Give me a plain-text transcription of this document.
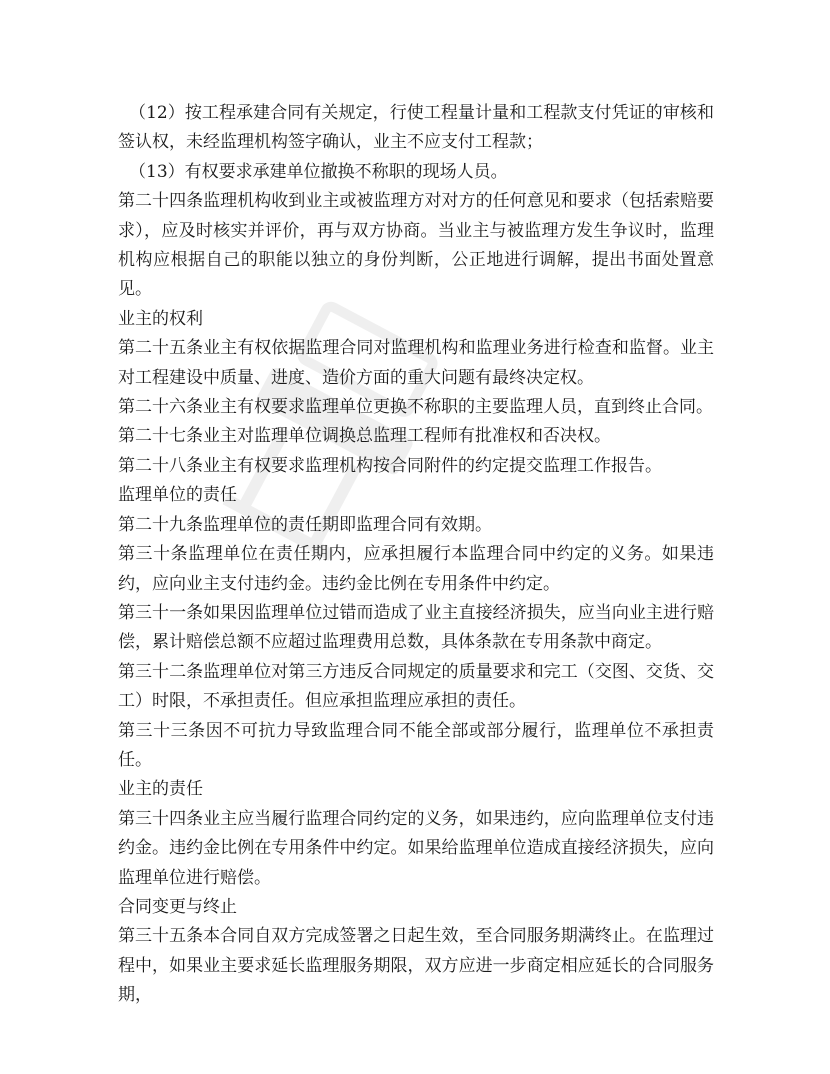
（12）按工程承建合同有关规定，行使工程量计量和工程款支付凭证的审核和签认权，未经监理机构签字确认，业主不应支付工程款；

（13）有权要求承建单位撤换不称职的现场人员。

第二十四条监理机构收到业主或被监理方对对方的任何意见和要求（包括索赔要求），应及时核实并评价，再与双方协商。当业主与被监理方发生争议时，监理机构应根据自己的职能以独立的身份判断，公正地进行调解，提出书面处置意见。

业主的权利

第二十五条业主有权依据监理合同对监理机构和监理业务进行检查和监督。业主对工程建设中质量、进度、造价方面的重大问题有最终决定权。

第二十六条业主有权要求监理单位更换不称职的主要监理人员，直到终止合同。

第二十七条业主对监理单位调换总监理工程师有批准权和否决权。

第二十八条业主有权要求监理机构按合同附件的约定提交监理工作报告。

监理单位的责任

第二十九条监理单位的责任期即监理合同有效期。

第三十条监理单位在责任期内，应承担履行本监理合同中约定的义务。如果违约，应向业主支付违约金。违约金比例在专用条件中约定。

第三十一条如果因监理单位过错而造成了业主直接经济损失，应当向业主进行赔偿，累计赔偿总额不应超过监理费用总数，具体条款在专用条款中商定。

第三十二条监理单位对第三方违反合同规定的质量要求和完工（交图、交货、交工）时限，不承担责任。但应承担监理应承担的责任。

第三十三条因不可抗力导致监理合同不能全部或部分履行，监理单位不承担责任。

业主的责任

第三十四条业主应当履行监理合同约定的义务，如果违约，应向监理单位支付违约金。违约金比例在专用条件中约定。如果给监理单位造成直接经济损失，应向监理单位进行赔偿。

合同变更与终止

第三十五条本合同自双方完成签署之日起生效，至合同服务期满终止。在监理过程中，如果业主要求延长监理服务期限，双方应进一步商定相应延长的合同服务期，
